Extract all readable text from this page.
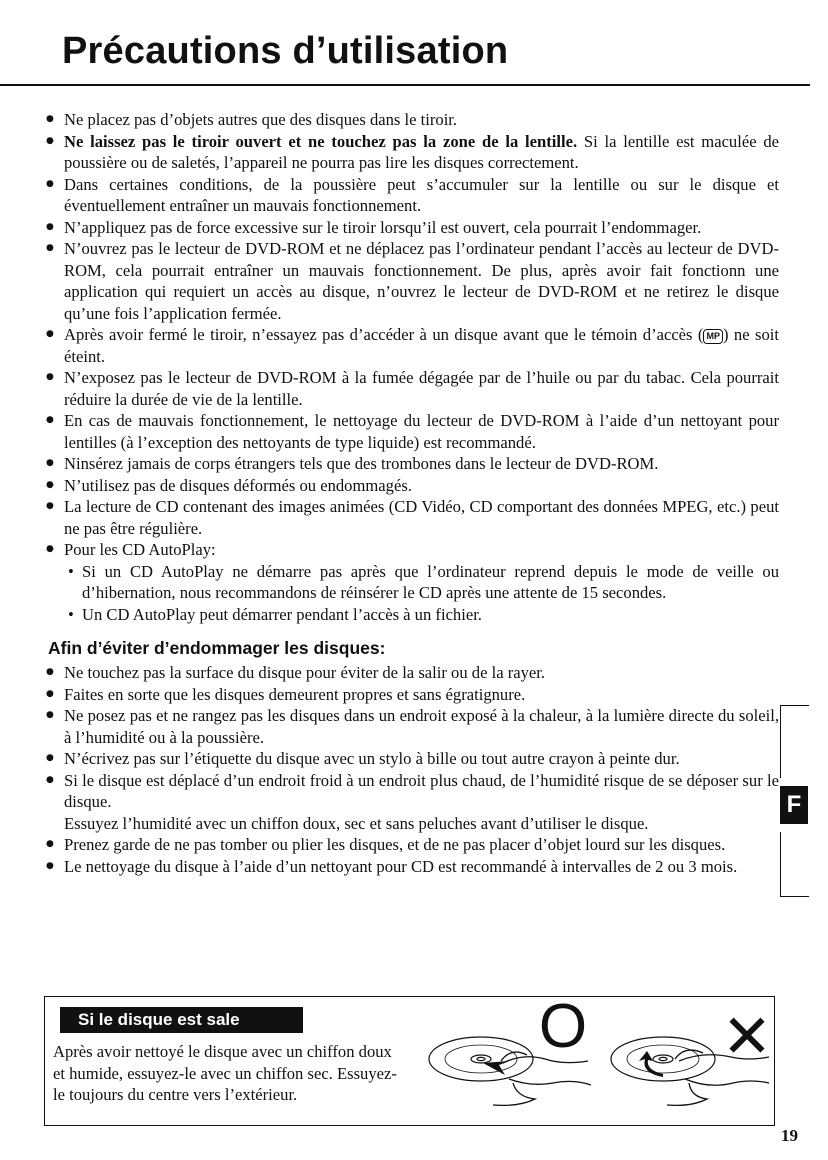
Précautions d’utilisation
● Ne placez pas d’objets autres que des disques dans le tiroir.
● Ne laissez pas le tiroir ouvert et ne touchez pas la zone de la lentille. Si la lentille est maculée de poussière ou de saletés, l’appareil ne pourra pas lire les disques correctement.
● Dans certaines conditions, de la poussière peut s’accumuler sur la lentille ou sur le disque et éventuellement entraîner un mauvais fonctionnement.
● N’appliquez pas de force excessive sur le tiroir lorsqu’il est ouvert, cela pourrait l’endommager.
● N’ouvrez pas le lecteur de DVD-ROM et ne déplacez pas l’ordinateur pendant l’accès au lecteur de DVD-ROM, cela pourrait entraîner un mauvais fonctionnement. De plus, après avoir fait fonctionn une application qui requiert un accès au disque, n’ouvrez le lecteur de DVD-ROM et ne retirez le disque qu’une fois l’application fermée.
● Après avoir fermé le tiroir, n’essayez pas d’accéder à un disque avant que le témoin d’accès ( MP ) ne soit éteint.
● N’exposez pas le lecteur de DVD-ROM à la fumée dégagée par de l’huile ou par du tabac. Cela pourrait réduire la durée de vie de la lentille.
● En cas de mauvais fonctionnement, le nettoyage du lecteur de DVD-ROM à l’aide d’un nettoyant pour lentilles (à l’exception des nettoyants de type liquide) est recommandé.
● Ninsérez jamais de corps étrangers tels que des trombones dans le lecteur de DVD-ROM.
● N’utilisez pas de disques déformés ou endommagés.
● La lecture de CD contenant des images animées (CD Vidéo, CD comportant des données MPEG, etc.) peut ne pas être régulière.
● Pour les CD AutoPlay:
• Si un CD AutoPlay ne démarre pas après que l’ordinateur reprend depuis le mode de veille ou d’hibernation, nous recommandons de réinsérer le CD après une attente de 15 secondes.
• Un CD AutoPlay peut démarrer pendant l’accès à un fichier.
Afin d’éviter d’endommager les disques:
● Ne touchez pas la surface du disque pour éviter de la salir ou de la rayer.
● Faites en sorte que les disques demeurent propres et sans égratignure.
● Ne posez pas et ne rangez pas les disques dans un endroit exposé à la chaleur, à la lumière directe du soleil, à l’humidité ou à la poussière.
● N’écrivez pas sur l’étiquette du disque avec un stylo à bille ou tout autre crayon à peinte dur.
● Si le disque est déplacé d’un endroit froid à un endroit plus chaud, de l’humidité risque de se déposer sur le disque.
Essuyez l’humidité avec un chiffon doux, sec et sans peluches avant d’utiliser le disque.
● Prenez garde de ne pas tomber ou plier les disques, et de ne pas placer d’objet lourd sur les disques.
● Le nettoyage du disque à l’aide d’un nettoyant pour CD est recommandé à intervalles de 2 ou 3 mois.
F
Si le disque est sale
Après avoir nettoyé le disque avec un chiffon doux et humide, essuyez-le avec un chiffon sec. Essuyez-le toujours du centre vers l’extérieur.
O ✕
19
